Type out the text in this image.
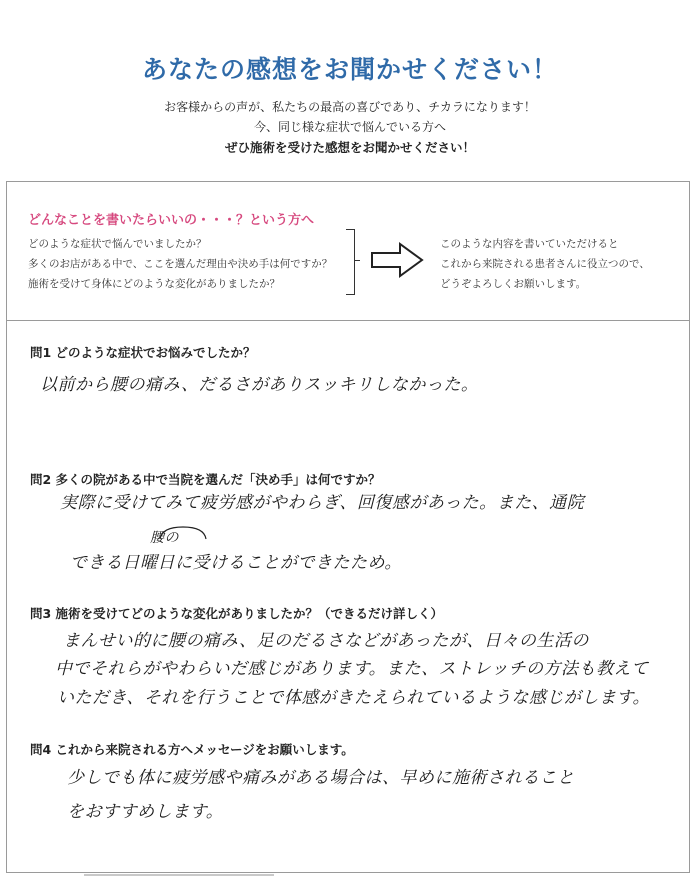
あなたの感想をお聞かせください！
お客様からの声が、私たちの最高の喜びであり、チカラになります！
今、同じ様な症状で悩んでいる方へ
ぜひ施術を受けた感想をお聞かせください！
どんなことを書いたらいいの・・・？という方へ
どのような症状で悩んでいましたか？
多くのお店がある中で、ここを選んだ理由や決め手は何ですか？
施術を受けて身体にどのような変化がありましたか？
このような内容を書いていただけると
これから来院される患者さんに役立つので、
どうぞよろしくお願いします。
問1 どのような症状でお悩みでしたか？
以前から腰の痛み、だるさがありスッキリしなかった。
問2 多くの院がある中で当院を選んだ「決め手」は何ですか？
実際に受けてみて疲労感がやわらぎ、回復感があった。また、通院
腰の
できる日曜日に受けることができたため。
問3 施術を受けてどのような変化がありましたか？（できるだけ詳しく）
まんせい的に腰の痛み、足のだるさなどがあったが、日々の生活の
中でそれらがやわらいだ感じがあります。また、ストレッチの方法も教えて
いただき、それを行うことで体感がきたえられているような感じがします。
問4 これから来院される方へメッセージをお願いします。
少しでも体に疲労感や痛みがある場合は、早めに施術されること
をおすすめします。
